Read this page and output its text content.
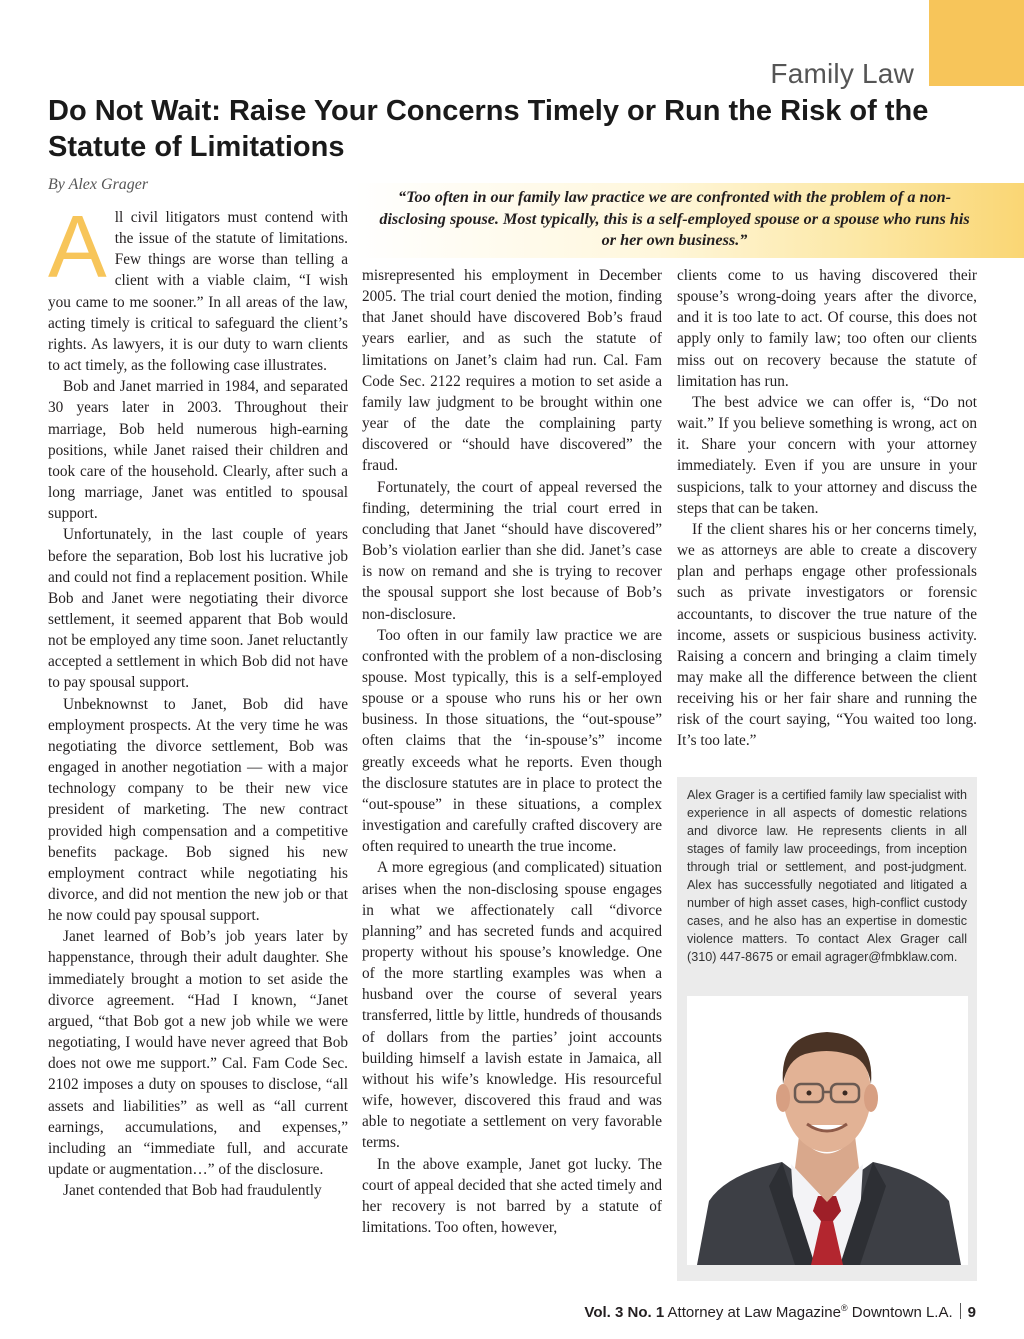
Family Law
Do Not Wait: Raise Your Concerns Timely or Run the Risk of the Statute of Limitations
By Alex Grager
“Too often in our family law practice we are confronted with the problem of a non-disclosing spouse. Most typically, this is a self-employed spouse or a spouse who runs his or her own business.”

All civil litigators must contend with the issue of the statute of limitations. Few things are worse than telling a client with a viable claim, “I wish you came to me sooner.” In all areas of the law, acting timely is critical to safeguard the client’s rights. As lawyers, it is our duty to warn clients to act timely, as the following case illustrates.

Bob and Janet married in 1984, and separated 30 years later in 2003. Throughout their marriage, Bob held numerous high-earning positions, while Janet raised their children and took care of the household. Clearly, after such a long marriage, Janet was entitled to spousal support.

Unfortunately, in the last couple of years before the separation, Bob lost his lucrative job and could not find a replacement position. While Bob and Janet were negotiating their divorce settlement, it seemed apparent that Bob would not be employed any time soon. Janet reluctantly accepted a settlement in which Bob did not have to pay spousal support.

Unbeknownst to Janet, Bob did have employment prospects. At the very time he was negotiating the divorce settlement, Bob was engaged in another negotiation — with a major technology company to be their new vice president of marketing. The new contract provided high compensation and a competitive benefits package. Bob signed his new employment contract while negotiating his divorce, and did not mention the new job or that he now could pay spousal support.

Janet learned of Bob’s job years later by happenstance, through their adult daughter. She immediately brought a motion to set aside the divorce agreement. “Had I known, “Janet argued, “that Bob got a new job while we were negotiating, I would have never agreed that Bob does not owe me support.” Cal. Fam Code Sec. 2102 imposes a duty on spouses to disclose, “all assets and liabilities” as well as “all current earnings, accumulations, and expenses,” including an “immediate full, and accurate update or augmentation…” of the disclosure.

Janet contended that Bob had fraudulently

misrepresented his employment in December 2005. The trial court denied the motion, finding that Janet should have discovered Bob’s fraud years earlier, and as such the statute of limitations on Janet’s claim had run. Cal. Fam Code Sec. 2122 requires a motion to set aside a family law judgment to be brought within one year of the date the complaining party discovered or “should have discovered” the fraud.

Fortunately, the court of appeal reversed the finding, determining the trial court erred in concluding that Janet “should have discovered” Bob’s violation earlier than she did. Janet’s case is now on remand and she is trying to recover the spousal support she lost because of Bob’s non-disclosure.

Too often in our family law practice we are confronted with the problem of a non-disclosing spouse. Most typically, this is a self-employed spouse or a spouse who runs his or her own business. In those situations, the “out-spouse” often claims that the ‘in-spouse’s” income greatly exceeds what he reports. Even though the disclosure statutes are in place to protect the “out-spouse” in these situations, a complex investigation and carefully crafted discovery are often required to unearth the true income.

A more egregious (and complicated) situation arises when the non-disclosing spouse engages in what we affectionately call “divorce planning” and has secreted funds and acquired property without his spouse’s knowledge. One of the more startling examples was when a husband over the course of several years transferred, little by little, hundreds of thousands of dollars from the parties’ joint accounts building himself a lavish estate in Jamaica, all without his wife’s knowledge. His resourceful wife, however, discovered this fraud and was able to negotiate a settlement on very favorable terms.

In the above example, Janet got lucky. The court of appeal decided that she acted timely and her recovery is not barred by a statute of limitations. Too often, however,

clients come to us having discovered their spouse’s wrong-doing years after the divorce, and it is too late to act. Of course, this does not apply only to family law; too often our clients miss out on recovery because the statute of limitation has run.

The best advice we can offer is, “Do not wait.” If you believe something is wrong, act on it. Share your concern with your attorney immediately. Even if you are unsure in your suspicions, talk to your attorney and discuss the steps that can be taken.

If the client shares his or her concerns timely, we as attorneys are able to create a discovery plan and perhaps engage other professionals such as private investigators or forensic accountants, to discover the true nature of the income, assets or suspicious business activity. Raising a concern and bringing a claim timely may make all the difference between the client receiving his or her fair share and running the risk of the court saying, “You waited too long. It’s too late.”

Alex Grager is a certified family law specialist with experience in all aspects of domestic relations and divorce law. He represents clients in all stages of family law proceedings, from inception through trial or settlement, and post-judgment. Alex has successfully negotiated and litigated a number of high asset cases, high-conflict custody cases, and he also has an expertise in domestic violence matters. To contact Alex Grager call (310) 447-8675 or email agrager@fmbklaw.com.
Vol. 3 No. 1 Attorney at Law Magazine® Downtown L.A. 9
